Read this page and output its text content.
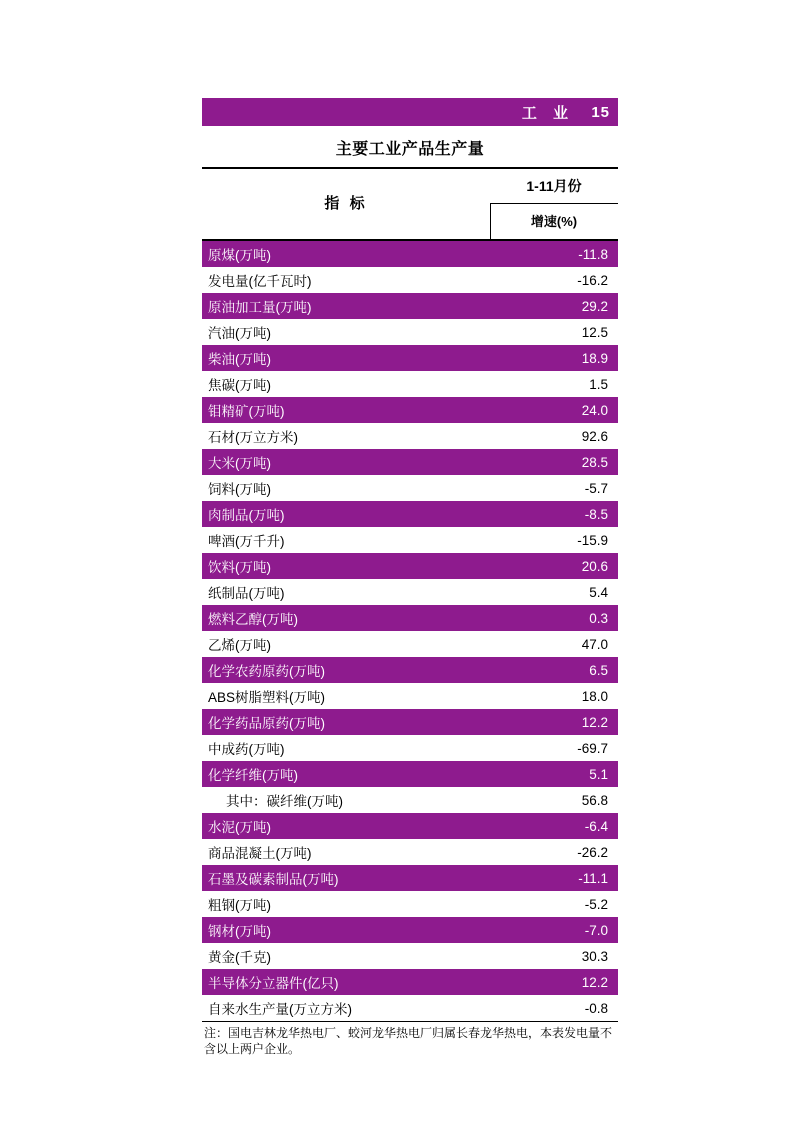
工 业 15
主要工业产品生产量
指 标
1-11月份
增速(%)
原煤(万吨)	-11.8
发电量(亿千瓦时)	-16.2
原油加工量(万吨)	29.2
汽油(万吨)	12.5
柴油(万吨)	18.9
焦碳(万吨)	1.5
钼精矿(万吨)	24.0
石材(万立方米)	92.6
大米(万吨)	28.5
饲料(万吨)	-5.7
肉制品(万吨)	-8.5
啤酒(万千升)	-15.9
饮料(万吨)	20.6
纸制品(万吨)	5.4
燃料乙醇(万吨)	0.3
乙烯(万吨)	47.0
化学农药原药(万吨)	6.5
ABS树脂塑料(万吨)	18.0
化学药品原药(万吨)	12.2
中成药(万吨)	-69.7
化学纤维(万吨)	5.1
其中：碳纤维(万吨)	56.8
水泥(万吨)	-6.4
商品混凝土(万吨)	-26.2
石墨及碳素制品(万吨)	-11.1
粗钢(万吨)	-5.2
钢材(万吨)	-7.0
黄金(千克)	30.3
半导体分立器件(亿只)	12.2
自来水生产量(万立方米)	-0.8
注：国电吉林龙华热电厂、蛟河龙华热电厂归属长春龙华热电，本表发电量不含以上两户企业。
